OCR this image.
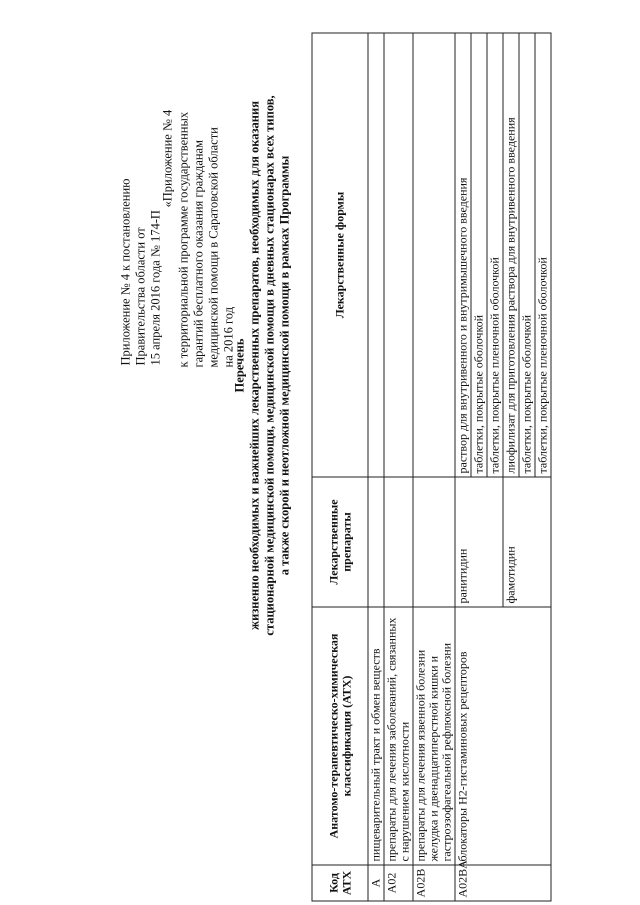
Приложение № 4 к постановлению Правительства области от 15 апреля 2016 года № 174-П
«Приложение № 4 к территориальной программе государственных гарантий бесплатного оказания гражданам медицинской помощи в Саратовской области на 2016 год
Перечень жизненно необходимых и важнейших лекарственных препаратов, необходимых для оказания стационарной медицинской помощи, медицинской помощи в дневных стационарах всех типов, а также скорой и неотложной медицинской помощи в рамках Программы
Код АТХ	Анатомо-терапевтическо-химическая классификация (АТХ)	Лекарственные препараты	Лекарственные формы
A	пищеварительный тракт и обмен веществ		
A02	препараты для лечения заболеваний, связанных с нарушением кислотности		
A02B	препараты для лечения язвенной болезни желудка и двенадцатиперстной кишки и гастроэзофагеальной рефлюксной болезни		
A02BA	блокаторы H2-гистаминовых рецепторов	ранитидин	раствор для внутривенного и внутримышечного введения
			таблетки, покрытые оболочкой
			таблетки, покрытые пленочной оболочкой
		фамотидин	лиофилизат для приготовления раствора для внутривенного введения
			таблетки, покрытые оболочкой
			таблетки, покрытые пленочной оболочкой
